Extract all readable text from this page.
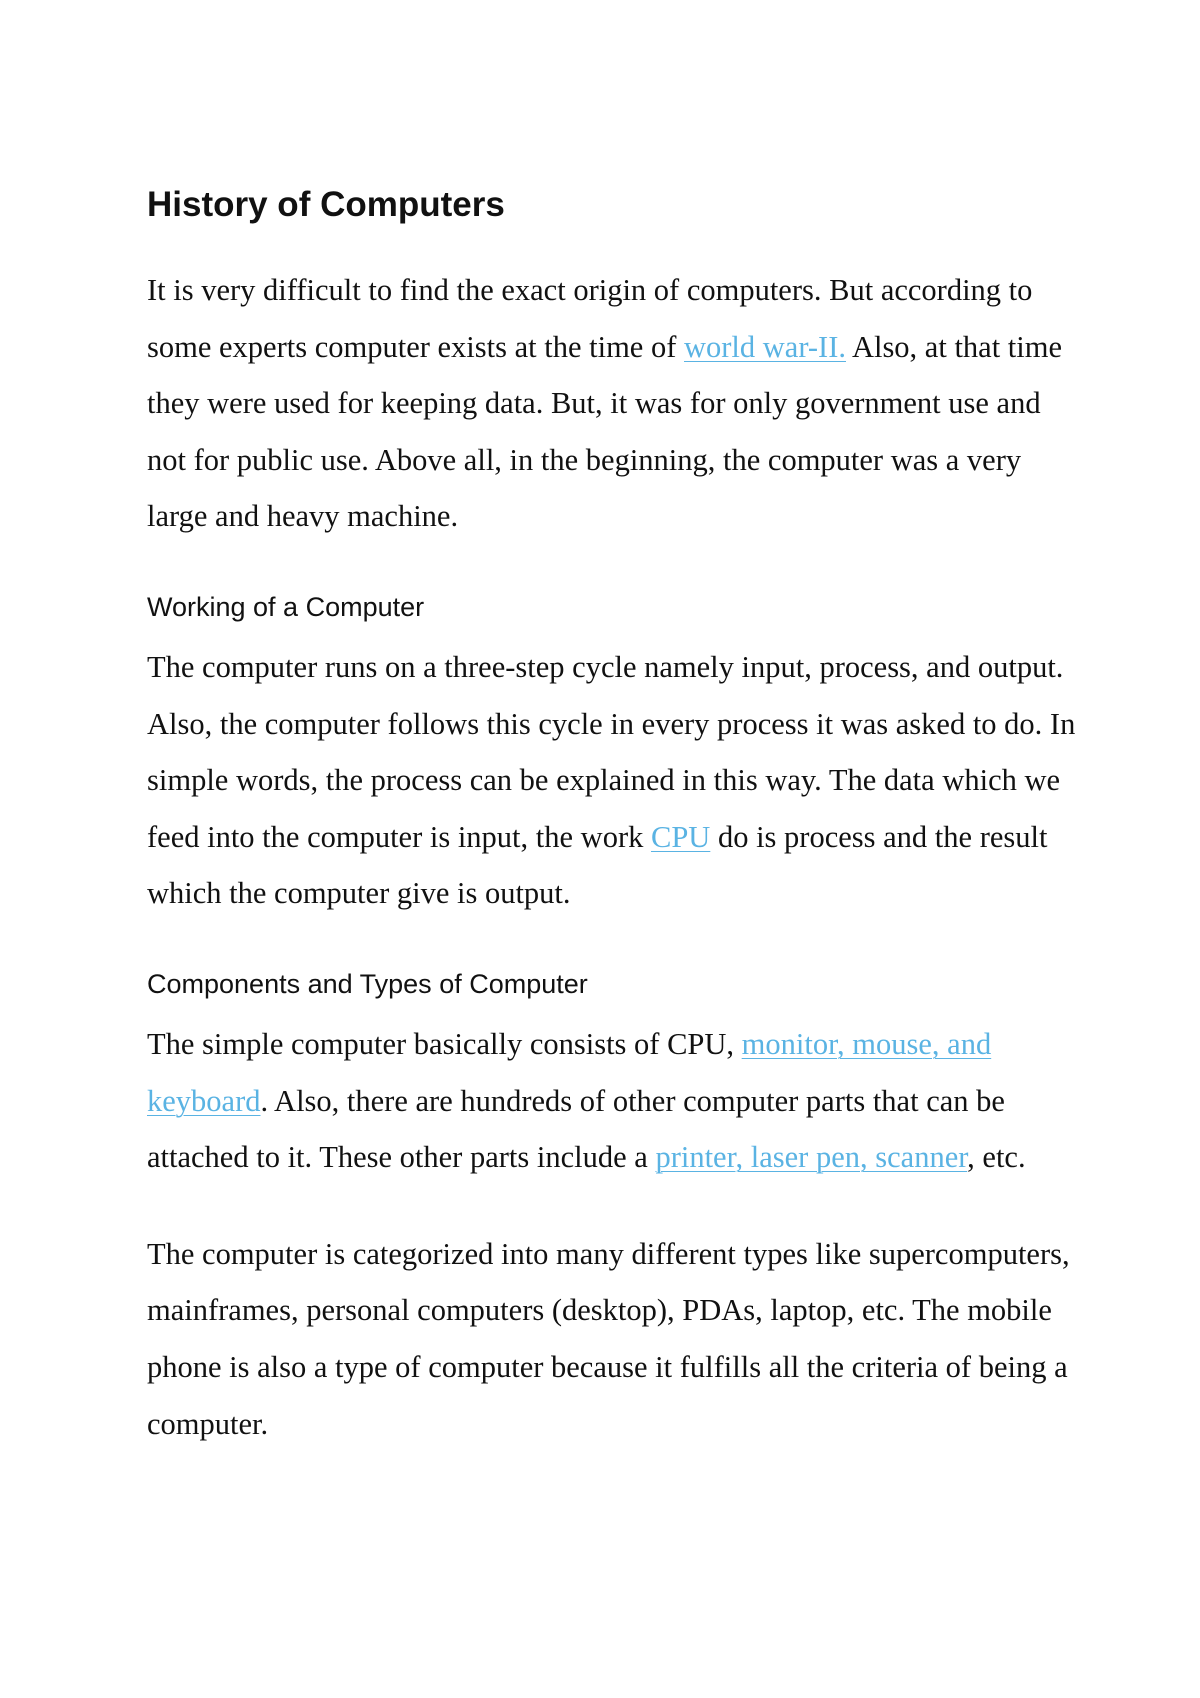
History of Computers

It is very difficult to find the exact origin of computers. But according to some experts computer exists at the time of world war-II. Also, at that time they were used for keeping data. But, it was for only government use and not for public use. Above all, in the beginning, the computer was a very large and heavy machine.

Working of a Computer

The computer runs on a three-step cycle namely input, process, and output. Also, the computer follows this cycle in every process it was asked to do. In simple words, the process can be explained in this way. The data which we feed into the computer is input, the work CPU do is process and the result which the computer give is output.

Components and Types of Computer

The simple computer basically consists of CPU, monitor, mouse, and keyboard. Also, there are hundreds of other computer parts that can be attached to it. These other parts include a printer, laser pen, scanner, etc.

The computer is categorized into many different types like supercomputers, mainframes, personal computers (desktop), PDAs, laptop, etc. The mobile phone is also a type of computer because it fulfills all the criteria of being a computer.
